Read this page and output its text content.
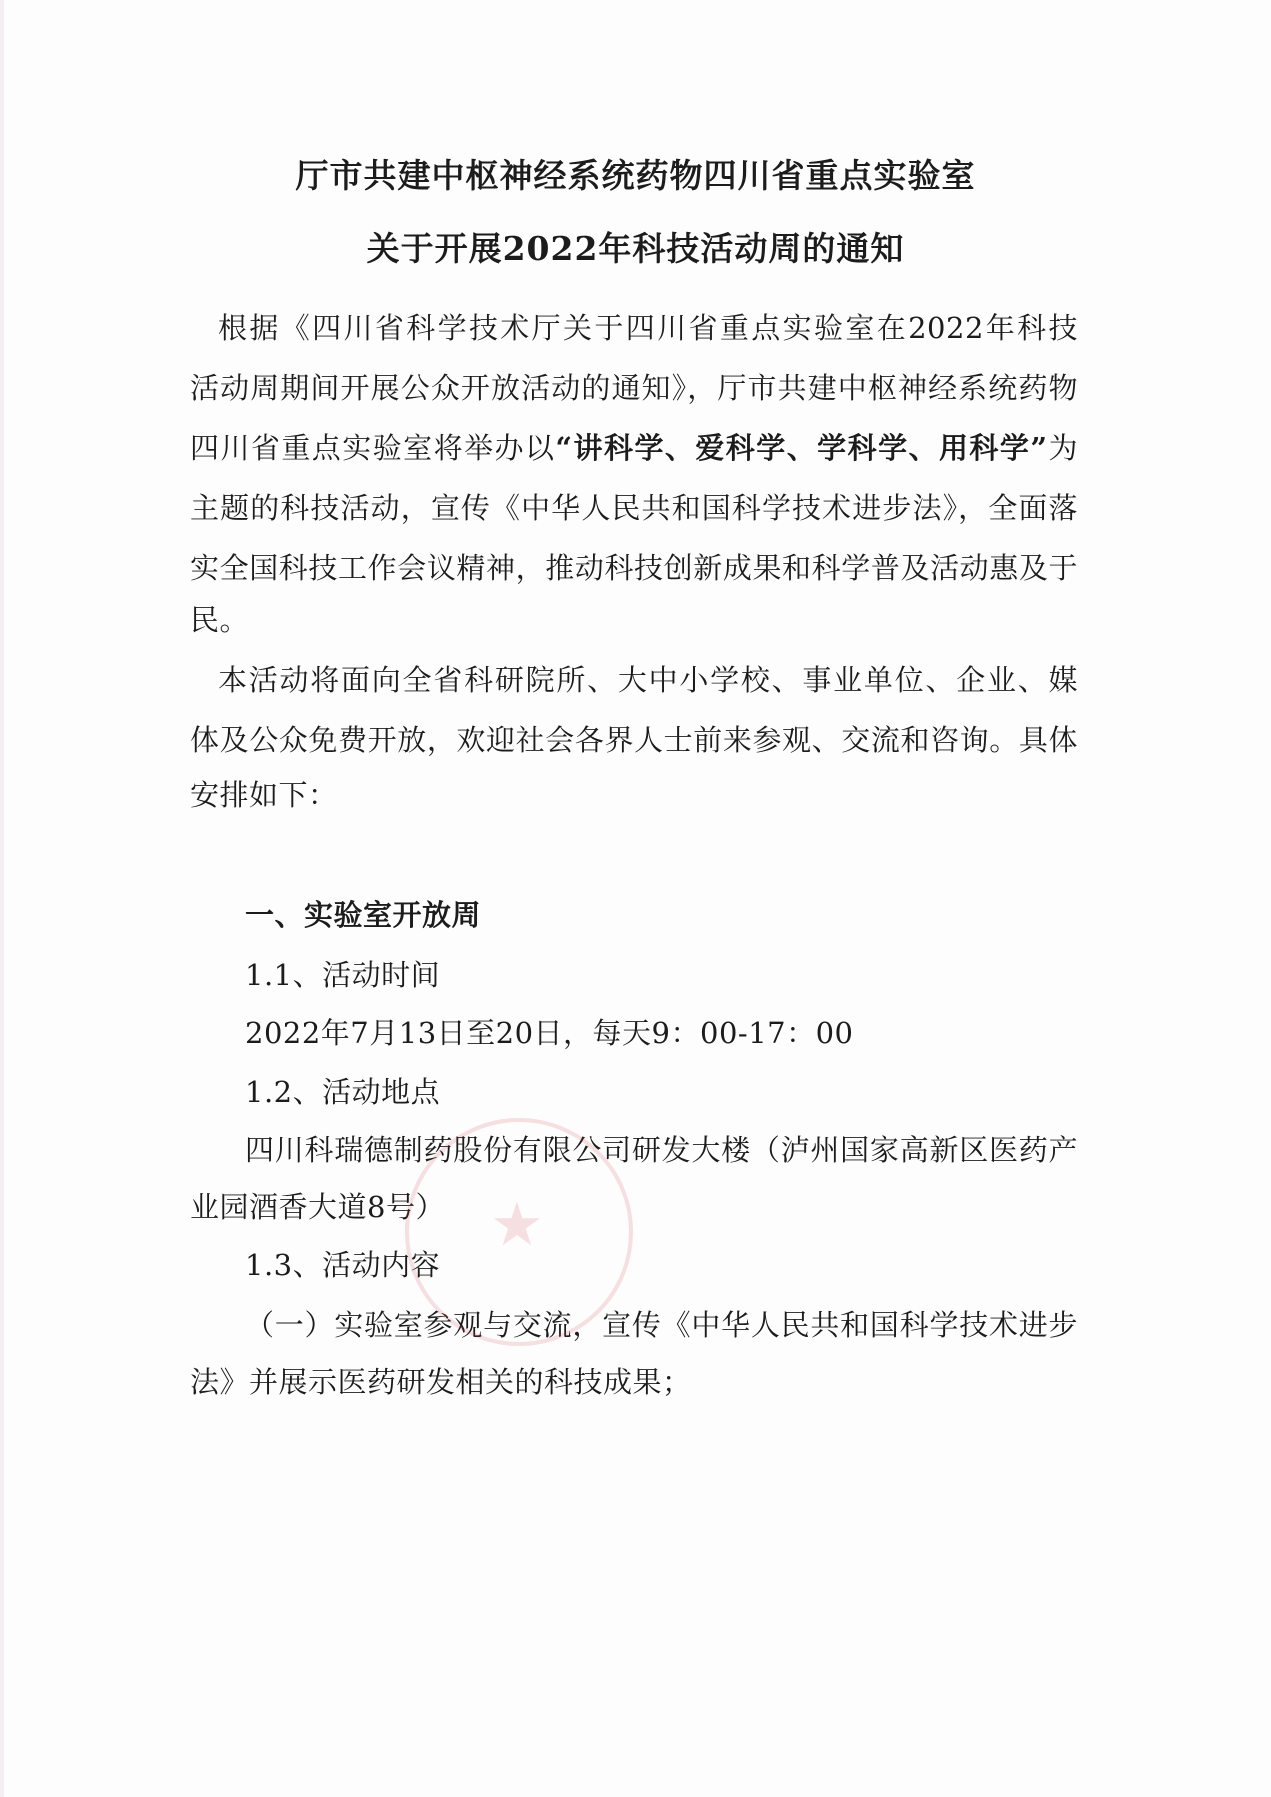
厅市共建中枢神经系统药物四川省重点实验室
关于开展2022年科技活动周的通知
根据《四川省科学技术厅关于四川省重点实验室在2022年科技
活动周期间开展公众开放活动的通知》，厅市共建中枢神经系统药物
四川省重点实验室将举办以“讲科学、爱科学、学科学、用科学”为
主题的科技活动，宣传《中华人民共和国科学技术进步法》，全面落
实全国科技工作会议精神，推动科技创新成果和科学普及活动惠及于
民。
本活动将面向全省科研院所、大中小学校、事业单位、企业、媒
体及公众免费开放，欢迎社会各界人士前来参观、交流和咨询。具体
安排如下：
一、实验室开放周
1.1、活动时间
2022年7月13日至20日，每天9：00-17：00
1.2、活动地点
四川科瑞德制药股份有限公司研发大楼（泸州国家高新区医药产
业园酒香大道8号）
1.3、活动内容
（一）实验室参观与交流，宣传《中华人民共和国科学技术进步
法》并展示医药研发相关的科技成果；
★
